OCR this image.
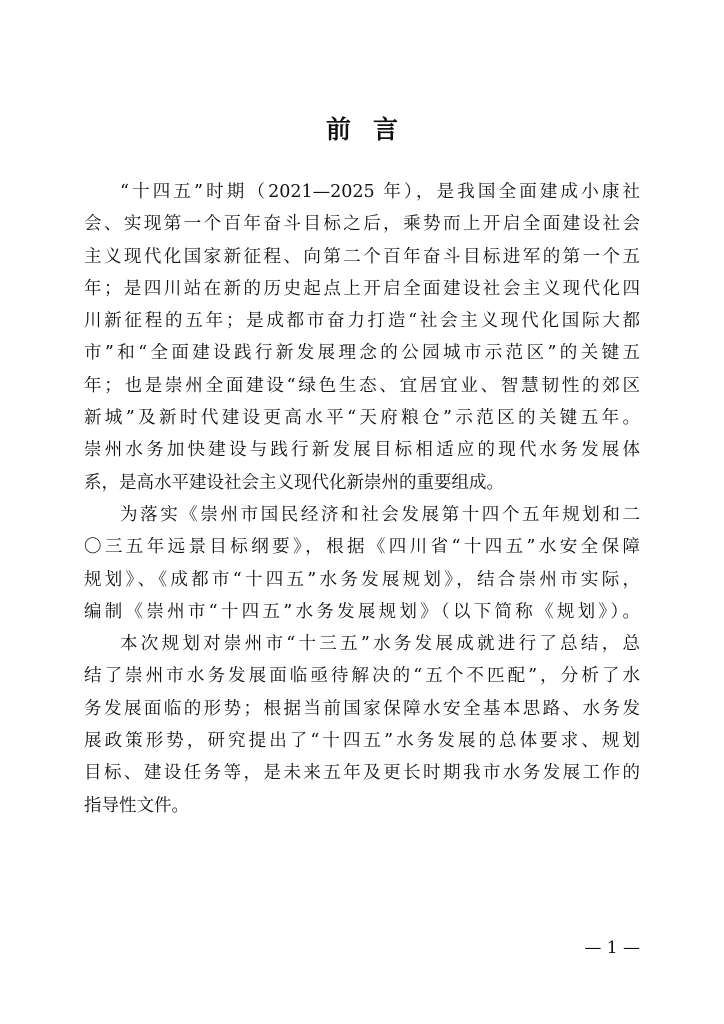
前言
“十四五”时期（2021—2025 年），是我国全面建成小康社
会、实现第一个百年奋斗目标之后，乘势而上开启全面建设社会
主义现代化国家新征程、向第二个百年奋斗目标进军的第一个五
年；是四川站在新的历史起点上开启全面建设社会主义现代化四
川新征程的五年；是成都市奋力打造“社会主义现代化国际大都
市”和“全面建设践行新发展理念的公园城市示范区”的关键五
年；也是崇州全面建设“绿色生态、宜居宜业、智慧韧性的郊区
新城”及新时代建设更高水平“天府粮仓”示范区的关键五年。
崇州水务加快建设与践行新发展目标相适应的现代水务发展体
系，是高水平建设社会主义现代化新崇州的重要组成。
为落实《崇州市国民经济和社会发展第十四个五年规划和二
〇三五年远景目标纲要》，根据《四川省“十四五”水安全保障
规划》、《成都市“十四五”水务发展规划》，结合崇州市实际，
编制《崇州市“十四五”水务发展规划》（以下简称《规划》）。
本次规划对崇州市“十三五”水务发展成就进行了总结，总
结了崇州市水务发展面临亟待解决的“五个不匹配”，分析了水
务发展面临的形势；根据当前国家保障水安全基本思路、水务发
展政策形势，研究提出了“十四五”水务发展的总体要求、规划
目标、建设任务等，是未来五年及更长时期我市水务发展工作的
指导性文件。
— 1 —
